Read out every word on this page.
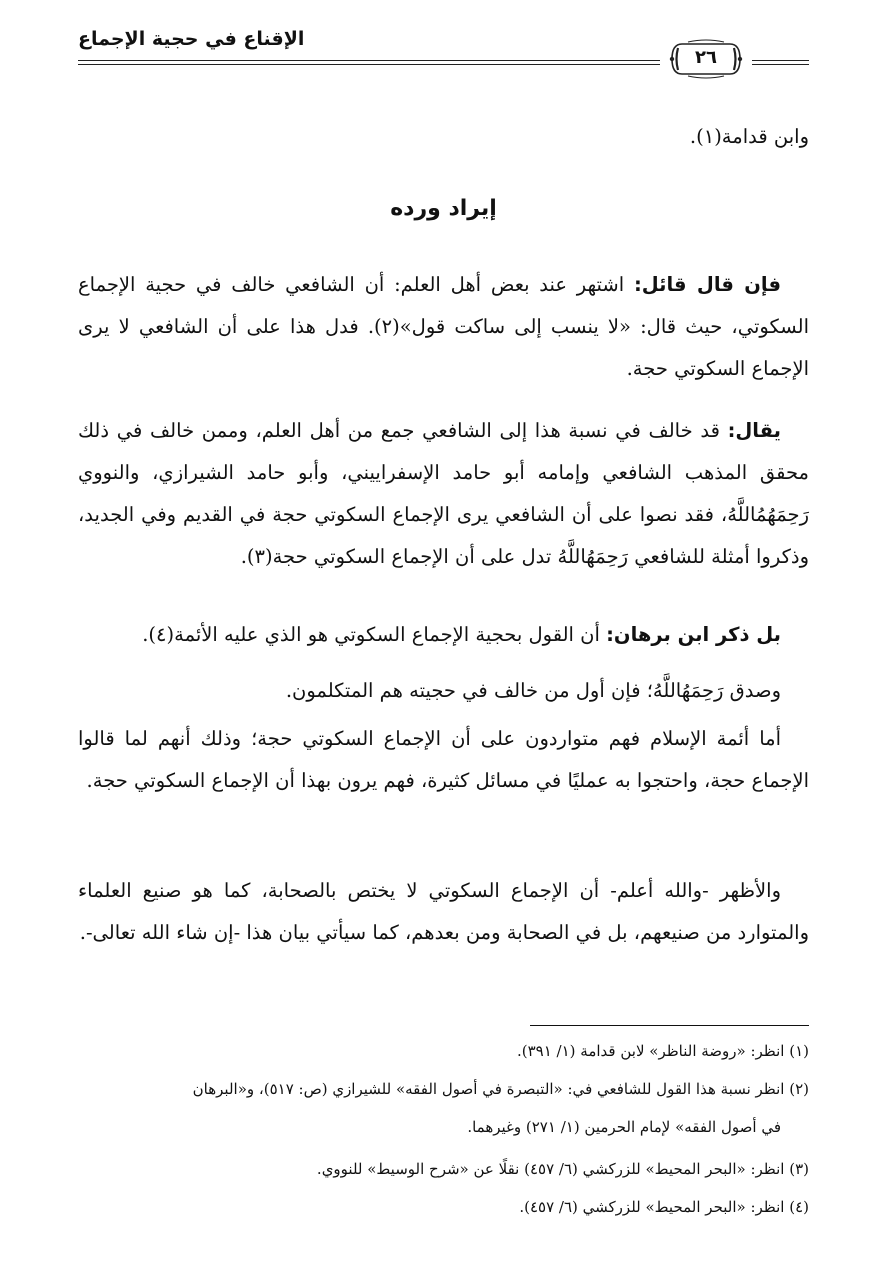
الإقناع في حجية الإجماع
٢٦
وابن قدامة(١).
إيراد ورده
فإن قال قائل: اشتهر عند بعض أهل العلم: أن الشافعي خالف في حجية الإجماع السكوتي، حيث قال: «لا ينسب إلى ساكت قول»(٢). فدل هذا على أن الشافعي لا يرى الإجماع السكوتي حجة.
يقال: قد خالف في نسبة هذا إلى الشافعي جمع من أهل العلم، وممن خالف في ذلك محقق المذهب الشافعي وإمامه أبو حامد الإسفراييني، وأبو حامد الشيرازي، والنووي رَحِمَهُمُاللَّهُ، فقد نصوا على أن الشافعي يرى الإجماع السكوتي حجة في القديم وفي الجديد، وذكروا أمثلة للشافعي رَحِمَهُاللَّهُ تدل على أن الإجماع السكوتي حجة(٣).
بل ذكر ابن برهان: أن القول بحجية الإجماع السكوتي هو الذي عليه الأئمة(٤).
وصدق رَحِمَهُاللَّهُ؛ فإن أول من خالف في حجيته هم المتكلمون.
أما أئمة الإسلام فهم متواردون على أن الإجماع السكوتي حجة؛ وذلك أنهم لما قالوا الإجماع حجة، واحتجوا به عمليًا في مسائل كثيرة، فهم يرون بهذا أن الإجماع السكوتي حجة.
والأظهر -والله أعلم- أن الإجماع السكوتي لا يختص بالصحابة، كما هو صنيع العلماء والمتوارد من صنيعهم، بل في الصحابة ومن بعدهم، كما سيأتي بيان هذا -إن شاء الله تعالى-.
(١) انظر: «روضة الناظر» لابن قدامة (١/ ٣٩١).
(٢) انظر نسبة هذا القول للشافعي في: «التبصرة في أصول الفقه» للشيرازي (ص: ٥١٧)، و«البرهان
في أصول الفقه» لإمام الحرمين (١/ ٢٧١) وغيرهما.
(٣) انظر: «البحر المحيط» للزركشي (٦/ ٤٥٧) نقلًا عن «شرح الوسيط» للنووي.
(٤) انظر: «البحر المحيط» للزركشي (٦/ ٤٥٧).
